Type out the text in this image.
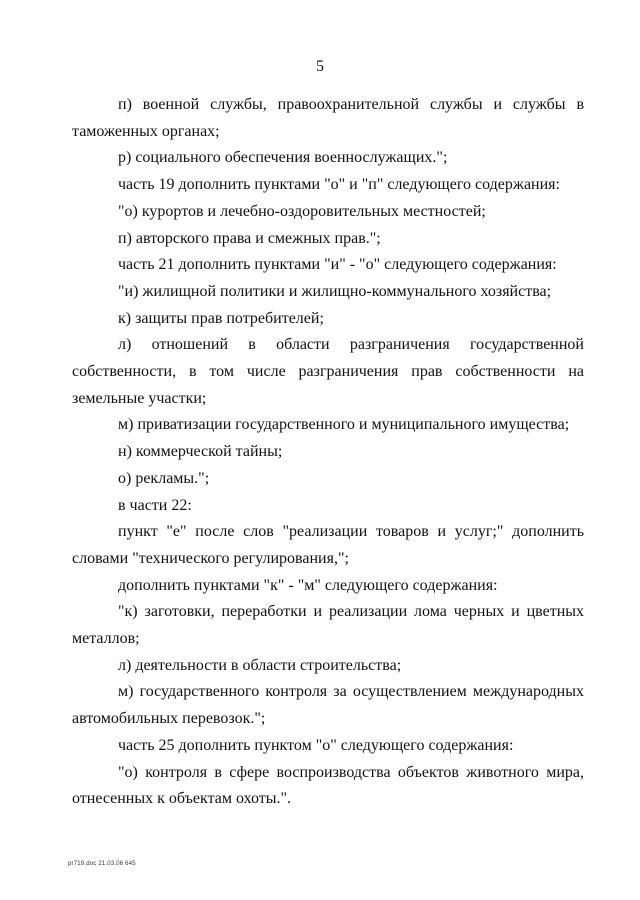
5

п) военной службы, правоохранительной службы и службы в таможенных органах;

р) социального обеспечения военнослужащих.";

часть 19 дополнить пунктами "о" и "п" следующего содержания:

"о) курортов и лечебно-оздоровительных местностей;

п) авторского права и смежных прав.";

часть 21 дополнить пунктами "и" - "о" следующего содержания:

"и) жилищной политики и жилищно-коммунального хозяйства;

к) защиты прав потребителей;

л) отношений в области разграничения государственной собственности, в том числе разграничения прав собственности на земельные участки;

м) приватизации государственного и муниципального имущества;

н) коммерческой тайны;

о) рекламы.";

в части 22:

пункт "е" после слов "реализации товаров и услуг;" дополнить словами "технического регулирования,";

дополнить пунктами "к" - "м" следующего содержания:

"к) заготовки, переработки и реализации лома черных и цветных металлов;

л) деятельности в области строительства;

м) государственного контроля за осуществлением международных автомобильных перевозок.";

часть 25 дополнить пунктом "о" следующего содержания:

"о) контроля в сфере воспроизводства объектов животного мира, отнесенных к объектам охоты.".

pr719.doc 21.03.06 645
